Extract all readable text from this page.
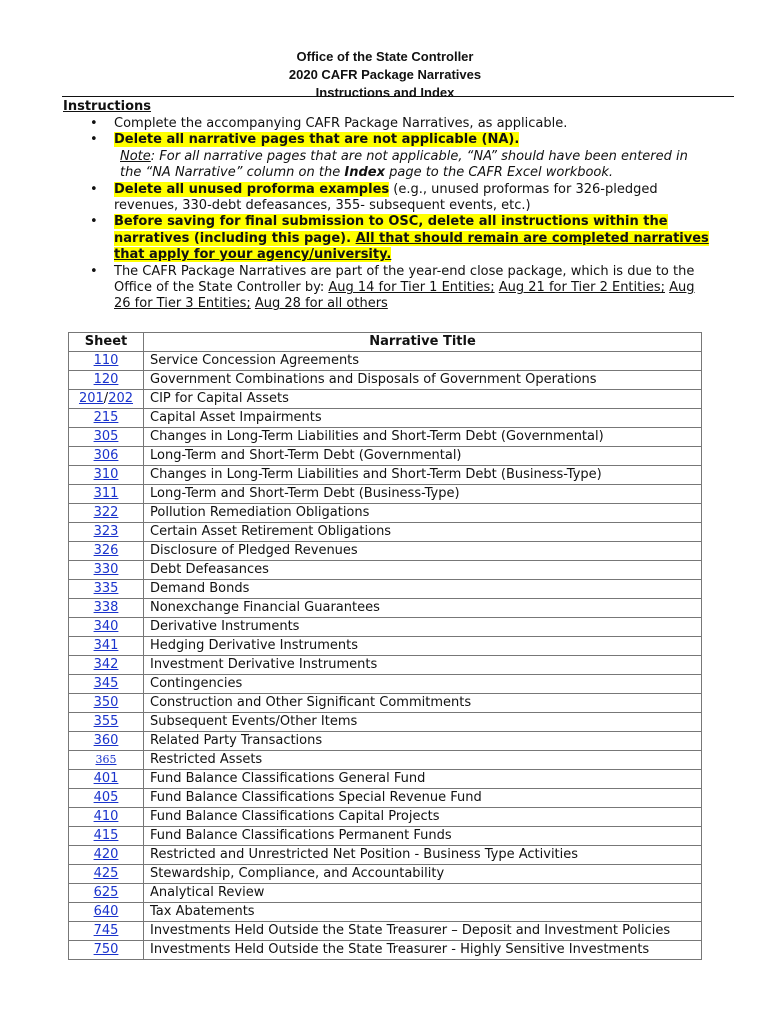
Office of the State Controller
2020 CAFR Package Narratives
Instructions and Index
Instructions
• Complete the accompanying CAFR Package Narratives, as applicable.
• Delete all narrative pages that are not applicable (NA).
Note: For all narrative pages that are not applicable, “NA” should have been entered in the “NA Narrative” column on the Index page to the CAFR Excel workbook.
• Delete all unused proforma examples (e.g., unused proformas for 326-pledged revenues, 330-debt defeasances, 355- subsequent events, etc.)
• Before saving for final submission to OSC, delete all instructions within the narratives (including this page). All that should remain are completed narratives that apply for your agency/university.
• The CAFR Package Narratives are part of the year-end close package, which is due to the Office of the State Controller by: Aug 14 for Tier 1 Entities; Aug 21 for Tier 2 Entities; Aug 26 for Tier 3 Entities; Aug 28 for all others
Sheet	Narrative Title
110	Service Concession Agreements
120	Government Combinations and Disposals of Government Operations
201/202	CIP for Capital Assets
215	Capital Asset Impairments
305	Changes in Long-Term Liabilities and Short-Term Debt (Governmental)
306	Long-Term and Short-Term Debt (Governmental)
310	Changes in Long-Term Liabilities and Short-Term Debt (Business-Type)
311	Long-Term and Short-Term Debt (Business-Type)
322	Pollution Remediation Obligations
323	Certain Asset Retirement Obligations
326	Disclosure of Pledged Revenues
330	Debt Defeasances
335	Demand Bonds
338	Nonexchange Financial Guarantees
340	Derivative Instruments
341	Hedging Derivative Instruments
342	Investment Derivative Instruments
345	Contingencies
350	Construction and Other Significant Commitments
355	Subsequent Events/Other Items
360	Related Party Transactions
365	Restricted Assets
401	Fund Balance Classifications General Fund
405	Fund Balance Classifications Special Revenue Fund
410	Fund Balance Classifications Capital Projects
415	Fund Balance Classifications Permanent Funds
420	Restricted and Unrestricted Net Position - Business Type Activities
425	Stewardship, Compliance, and Accountability
625	Analytical Review
640	Tax Abatements
745	Investments Held Outside the State Treasurer – Deposit and Investment Policies
750	Investments Held Outside the State Treasurer - Highly Sensitive Investments
